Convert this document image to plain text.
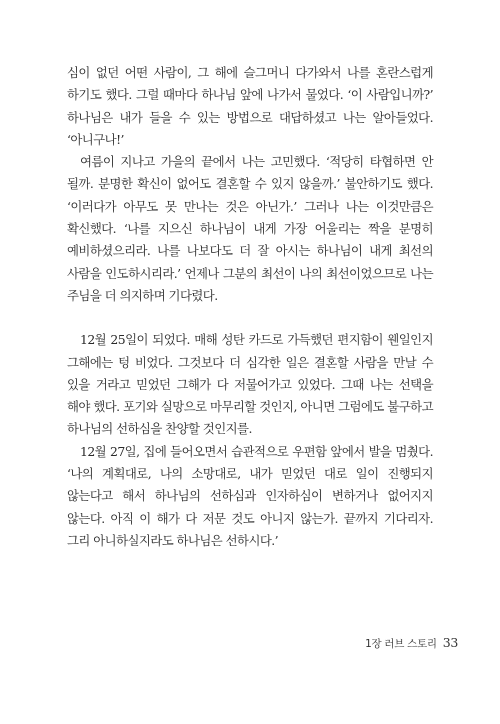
심이 없던 어떤 사람이, 그 해에 슬그머니 다가와서 나를 혼란스럽게 하기도 했다. 그럴 때마다 하나님 앞에 나가서 물었다. ‘이 사람입니까?’ 하나님은 내가 들을 수 있는 방법으로 대답하셨고 나는 알아들었다. ‘아니구나!’

여름이 지나고 가을의 끝에서 나는 고민했다. ‘적당히 타협하면 안 될까. 분명한 확신이 없어도 결혼할 수 있지 않을까.’ 불안하기도 했다. ‘이러다가 아무도 못 만나는 것은 아닌가.’ 그러나 나는 이것만큼은 확신했다. ‘나를 지으신 하나님이 내게 가장 어울리는 짝을 분명히 예비하셨으리라. 나를 나보다도 더 잘 아시는 하나님이 내게 최선의 사람을 인도하시리라.’ 언제나 그분의 최선이 나의 최선이었으므로 나는 주님을 더 의지하며 기다렸다.

12월 25일이 되었다. 매해 성탄 카드로 가득했던 편지함이 웬일인지 그해에는 텅 비었다. 그것보다 더 심각한 일은 결혼할 사람을 만날 수 있을 거라고 믿었던 그해가 다 저물어가고 있었다. 그때 나는 선택을 해야 했다. 포기와 실망으로 마무리할 것인지, 아니면 그럼에도 불구하고 하나님의 선하심을 찬양할 것인지를.

12월 27일, 집에 들어오면서 습관적으로 우편함 앞에서 발을 멈췄다. ‘나의 계획대로, 나의 소망대로, 내가 믿었던 대로 일이 진행되지 않는다고 해서 하나님의 선하심과 인자하심이 변하거나 없어지지 않는다. 아직 이 해가 다 저문 것도 아니지 않는가. 끝까지 기다리자. 그리 아니하실지라도 하나님은 선하시다.’

1장 러브 스토리 33
